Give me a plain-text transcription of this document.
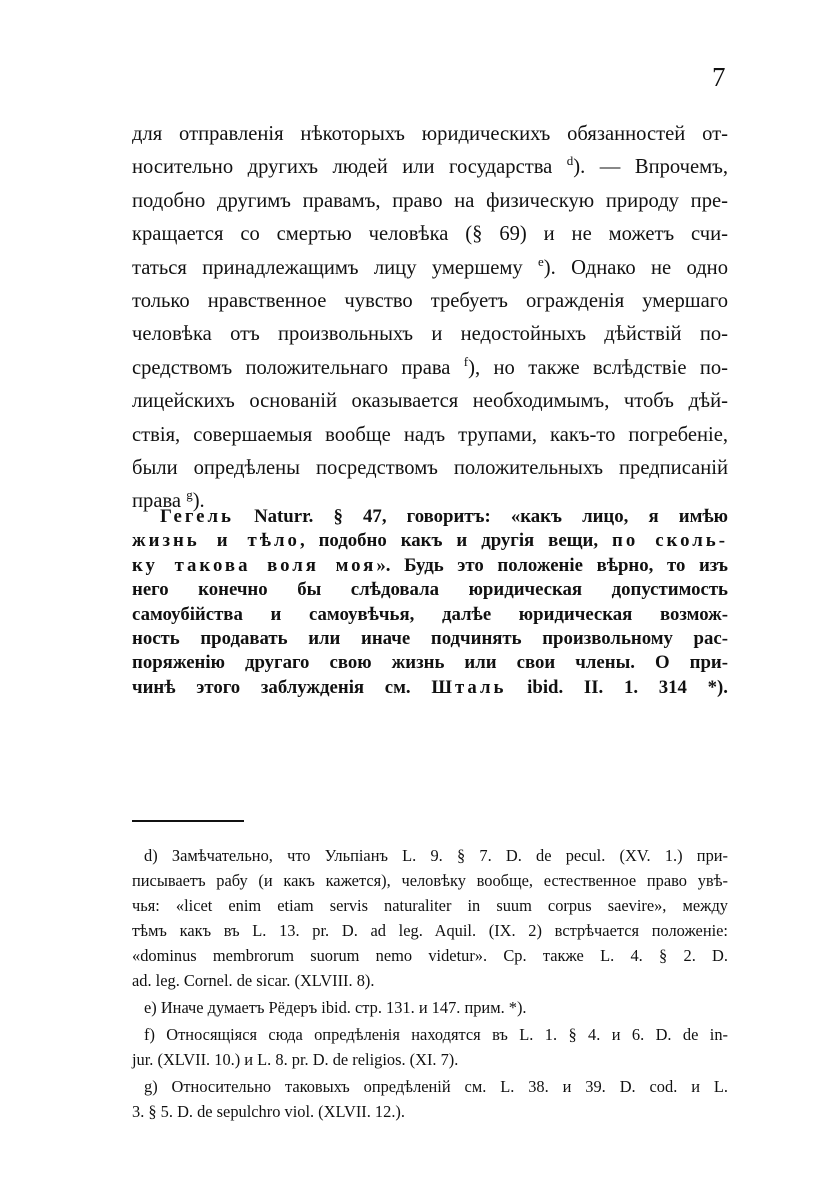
7
для отправленія нѣкоторыхъ юридическихъ обязанностей от-
носительно другихъ людей или государства $^d$). — Впрочемъ,
подобно другимъ правамъ, право на физическую природу пре-
кращается со смертью человѣка (§ 69) и не можетъ счи-
таться принадлежащимъ лицу умершему $^e$). Однако не одно
только нравственное чувство требуетъ огражденія умершаго
человѣка отъ произвольныхъ и недостойныхъ дѣйствій по-
средствомъ положительнаго права $^f$), но также вслѣдствіе по-
лицейскихъ основаній оказывается необходимымъ, чтобъ дѣй-
ствія, совершаемыя вообще надъ трупами, какъ-то погребеніе,
были опредѣлены посредствомъ положительныхъ предписаній
права $^g$).
Гегель Naturr. § 47, говоритъ: «какъ лицо, я имѣю
жизнь и тѣло, подобно какъ и другія вещи, по сколь-
ку такова воля моя». Будь это положеніе вѣрно, то изъ
него конечно бы слѣдовала юридическая допустимость
самоубійства и самоувѣчья, далѣе юридическая возмож-
ность продавать или иначе подчинять произвольному рас-
поряженію другаго свою жизнь или свои члены. О при-
чинѣ этого заблужденія см. Шталь ibid. II. 1. 314 *).
d) Замѣчательно, что Ульпіанъ L. 9. § 7. D. de pecul. (XV. 1.) при-
писываетъ рабу (и какъ кажется), человѣку вообще, естественное право увѣ-
чья: «licet enim etiam servis naturaliter in suum corpus saevire», между
тѣмъ какъ въ L. 13. pr. D. ad leg. Aquil. (IX. 2) встрѣчается положеніе:
«dominus membrorum suorum nemo videtur». Ср. также L. 4. § 2. D.
ad. leg. Cornel. de sicar. (XLVIII. 8).
e) Иначе думаетъ Рёдеръ ibid. стр. 131. и 147. прим. *).
f) Относящіяся сюда опредѣленія находятся въ L. 1. § 4. и 6. D. de in-
jur. (XLVII. 10.) и L. 8. pr. D. de religios. (XI. 7).
g) Относительно таковыхъ опредѣленій см. L. 38. и 39. D. cod. и L.
3. § 5. D. de sepulchro viol. (XLVII. 12.).
